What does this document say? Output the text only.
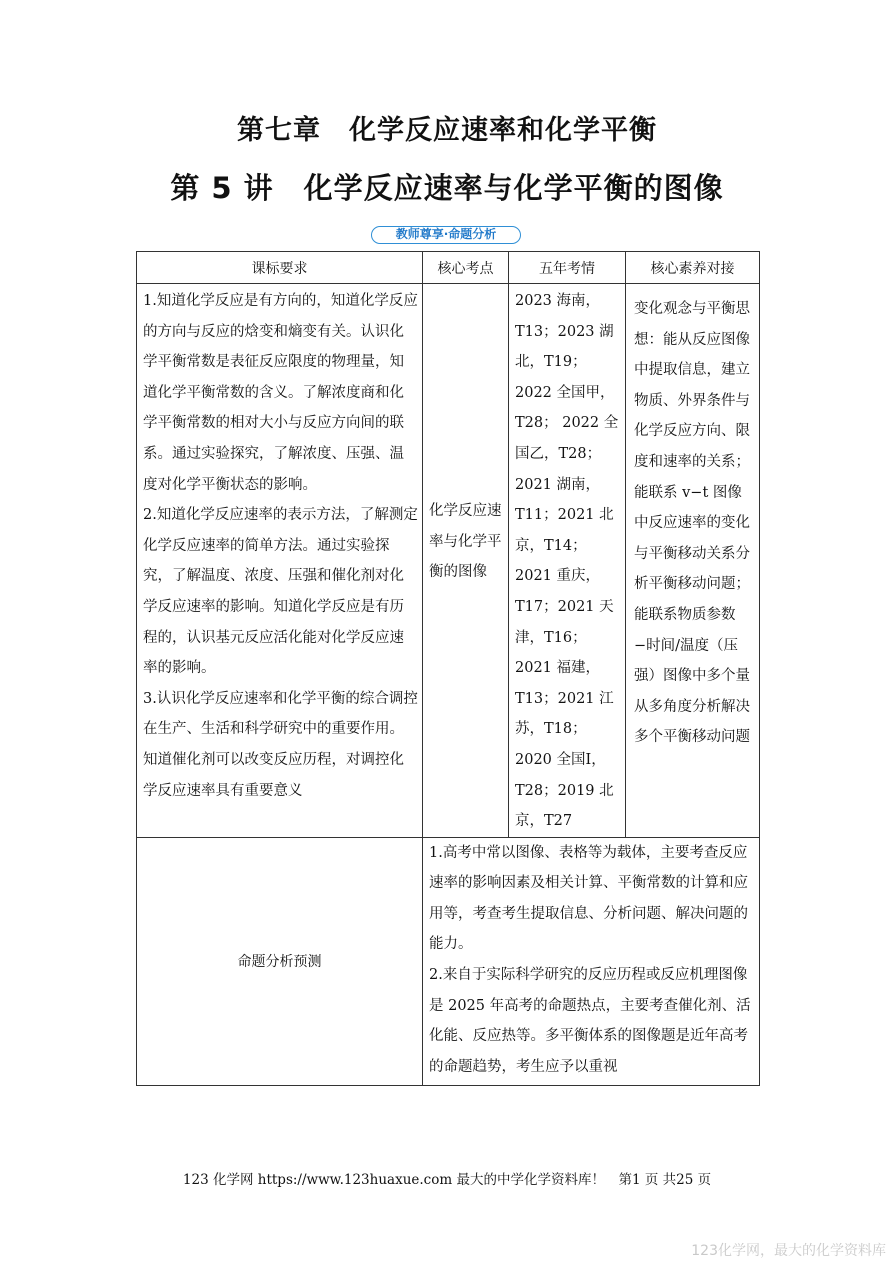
第七章　化学反应速率和化学平衡
第 5 讲　化学反应速率与化学平衡的图像
教师尊享·命题分析
课标要求	核心考点	五年考情	核心素养对接

1.知道化学反应是有方向的，知道化学反应的方向与反应的焓变和熵变有关。认识化学平衡常数是表征反应限度的物理量，知道化学平衡常数的含义。了解浓度商和化学平衡常数的相对大小与反应方向间的联系。通过实验探究，了解浓度、压强、温度对化学平衡状态的影响。

2.知道化学反应速率的表示方法，了解测定化学反应速率的简单方法。通过实验探究，了解温度、浓度、压强和催化剂对化学反应速率的影响。知道化学反应是有历程的，认识基元反应活化能对化学反应速率的影响。

3.认识化学反应速率和化学平衡的综合调控在生产、生活和科学研究中的重要作用。知道催化剂可以改变反应历程，对调控化学反应速率具有重要意义	化学反应速率与化学平衡的图像	2023 海南，T13；2023 湖北，T19；2022 全国甲，T28； 2022 全国乙，T28；2021 湖南，T11；2021 北京，T14；2021 重庆，T17；2021 天津，T16；2021 福建，T13；2021 江苏，T18；2020 全国I，T28；2019 北京，T27	变化观念与平衡思想：能从反应图像中提取信息，建立物质、外界条件与化学反应方向、限度和速率的关系；能联系 v−t 图像中反应速率的变化与平衡移动关系分析平衡移动问题；能联系物质参数−时间/温度（压强）图像中多个量从多角度分析解决多个平衡移动问题

命题分析预测	1.高考中常以图像、表格等为载体，主要考查反应速率的影响因素及相关计算、平衡常数的计算和应用等，考查考生提取信息、分析问题、解决问题的能力。

2.来自于实际科学研究的反应历程或反应机理图像是 2025 年高考的命题热点，主要考查催化剂、活化能、反应热等。多平衡体系的图像题是近年高考的命题趋势，考生应予以重视		

123 化学网 https://www.123huaxue.com 最大的中学化学资料库！　第1 页 共25 页
123化学网，最大的化学资料库
